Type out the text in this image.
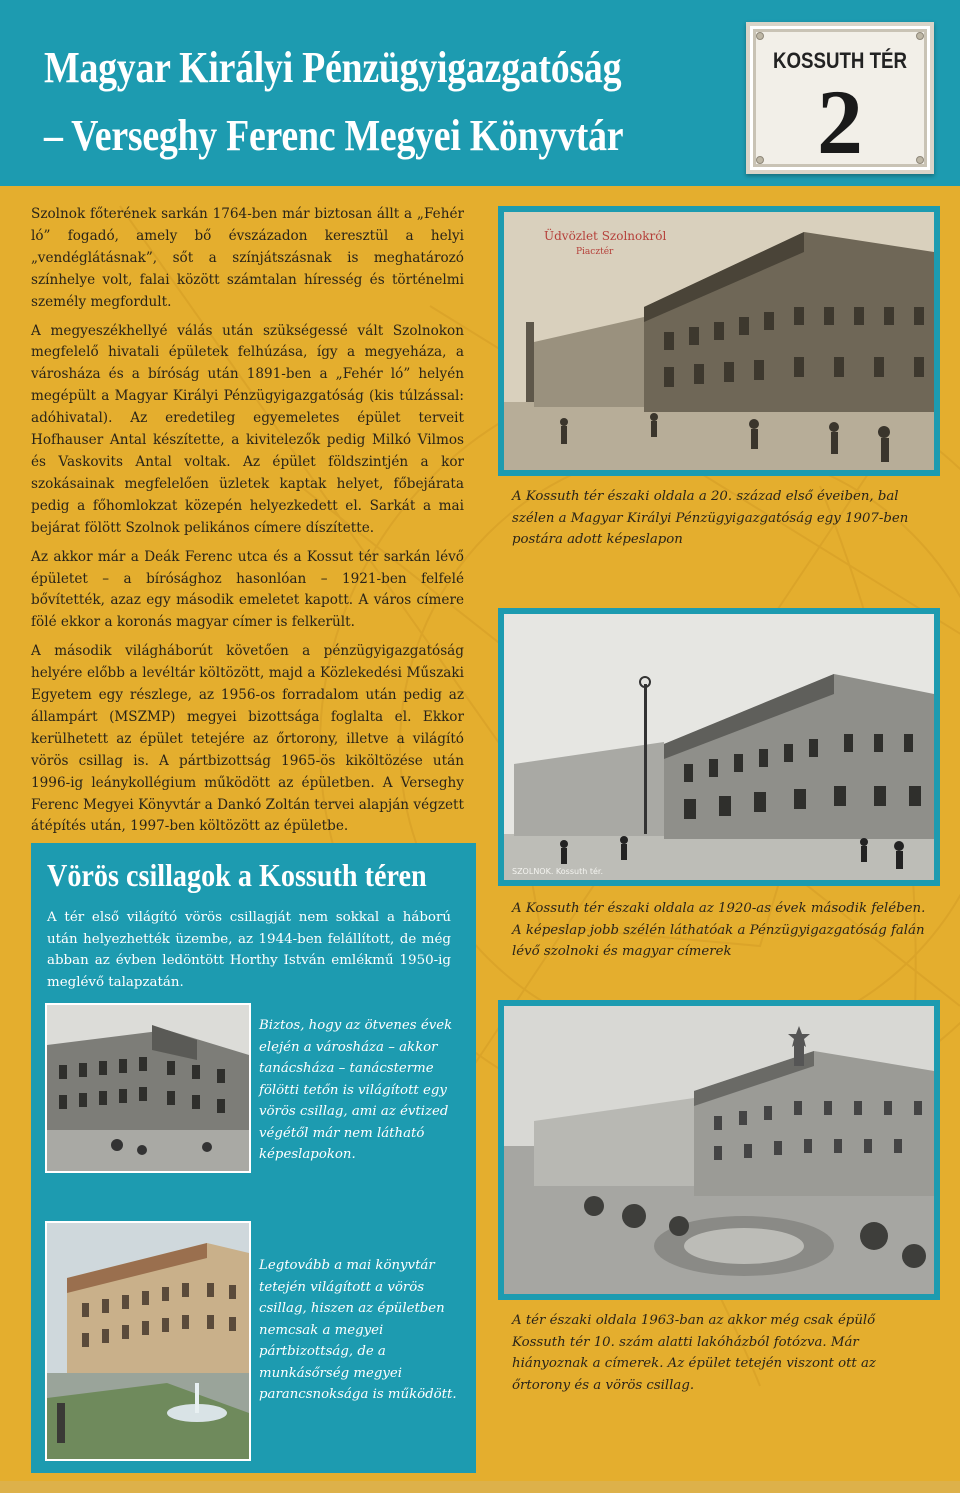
Magyar Királyi Pénzügyigazgatóság
– Verseghy Ferenc Megyei Könyvtár
KOSSUTH TÉR
2

Szolnok főterének sarkán 1764-ben már biztosan állt a „Fehér ló” fogadó, amely bő évszázadon keresztül a helyi „vendéglátásnak”, sőt a színjátszásnak is meghatározó színhelye volt, falai között számtalan híresség és történelmi személy megfordult.

A megyeszékhellyé válás után szükségessé vált Szolnokon megfelelő hivatali épületek felhúzása, így a megyeháza, a városháza és a bíróság után 1891-ben a „Fehér ló” helyén megépült a Magyar Királyi Pénzügyigazgatóság (kis túlzással: adóhivatal). Az eredetileg egyemeletes épület terveit Hofhauser Antal készítette, a kivitelezők pedig Milkó Vilmos és Vaskovits Antal voltak. Az épület földszintjén a kor szokásainak megfelelően üzletek kaptak helyet, főbejárata pedig a főhomlokzat közepén helyezkedett el. Sarkát a mai bejárat fölött Szolnok pelikános címere díszítette.

Az akkor már a Deák Ferenc utca és a Kossut tér sarkán lévő épületet – a bírósághoz hasonlóan – 1921-ben felfelé bővítették, azaz egy második emeletet kapott. A város címere fölé ekkor a koronás magyar címer is felkerült.

A második világháborút követően a pénzügyigazgatóság helyére előbb a levéltár költözött, majd a Közlekedési Műszaki Egyetem egy részlege, az 1956-os forradalom után pedig az állampárt (MSZMP) megyei bizottsága foglalta el. Ekkor kerülhetett az épület tetejére az őrtorony, illetve a világító vörös csillag is. A pártbizottság 1965-ös kiköltözése után 1996-ig leánykollégium működött az épületben. A Verseghy Ferenc Megyei Könyvtár a Dankó Zoltán tervei alapján végzett átépítés után, 1997-ben költözött az épületbe.

Üdvözlet Szolnokról
Piacztér
A Kossuth tér északi oldala a 20. század első éveiben, bal szélen a Magyar Királyi Pénzügyigazgatóság egy 1907-ben postára adott képeslapon
SZOLNOK. Kossuth tér.
A Kossuth tér északi oldala az 1920-as évek második felében. A képeslap jobb szélén láthatóak a Pénzügyigazgatóság falán lévő szolnoki és magyar címerek
A tér északi oldala 1963-ban az akkor még csak épülő Kossuth tér 10. szám alatti lakóházból fotózva. Már hiányoznak a címerek. Az épület tetején viszont ott az őrtorony és a vörös csillag.
Vörös csillagok a Kossuth téren
A tér első világító vörös csillagját nem sokkal a háború után helyezhették üzembe, az 1944-ben felállított, de még abban az évben ledöntött Horthy István emlékmű 1950-ig meglévő talapzatán.
Biztos, hogy az ötvenes évek elején a városháza – akkor tanácsháza – tanácsterme fölötti tetőn is világított egy vörös csillag, ami az évtized végétől már nem látható képeslapokon.
Legtovább a mai könyvtár tetején világított a vörös csillag, hiszen az épületben nemcsak a megyei pártbizottság, de a munkásőrség megyei parancsnoksága is működött.
